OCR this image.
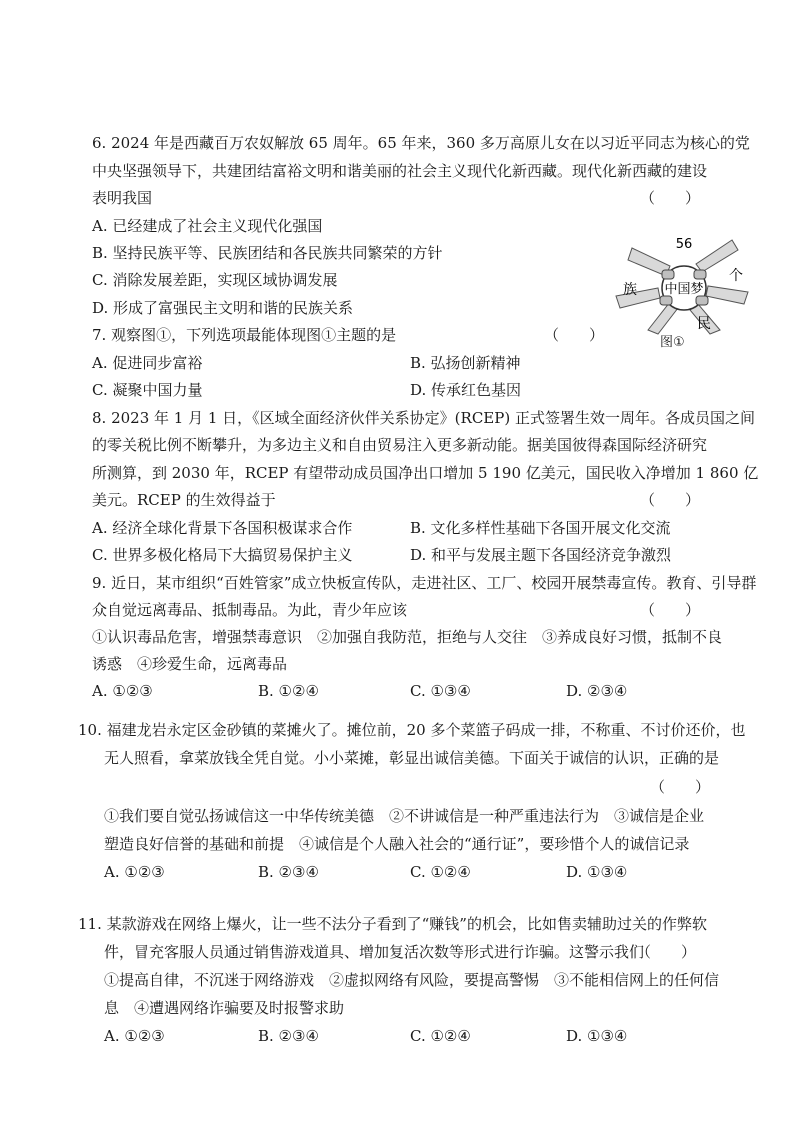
6. 2024 年是西藏百万农奴解放 65 周年。65 年来，360 多万高原儿女在以习近平同志为核心的党
中央坚强领导下，共建团结富裕文明和谐美丽的社会主义现代化新西藏。现代化新西藏的建设
表明我国	（　　）
A. 已经建成了社会主义现代化强国
B. 坚持民族平等、民族团结和各民族共同繁荣的方针
C. 消除发展差距，实现区域协调发展
D. 形成了富强民主文明和谐的民族关系
7. 观察图①，下列选项最能体现图①主题的是	（　　）
A. 促进同步富裕	B. 弘扬创新精神
C. 凝聚中国力量	D. 传承红色基因
56
族 中国梦
个
民
图①
8. 2023 年 1 月 1 日，《区域全面经济伙伴关系协定》(RCEP) 正式签署生效一周年。各成员国之间
的零关税比例不断攀升，为多边主义和自由贸易注入更多新动能。据美国彼得森国际经济研究
所测算，到 2030 年，RCEP 有望带动成员国净出口增加 5 190 亿美元，国民收入净增加 1 860 亿
美元。RCEP 的生效得益于	（　　）
A. 经济全球化背景下各国积极谋求合作	B. 文化多样性基础下各国开展文化交流
C. 世界多极化格局下大搞贸易保护主义	D. 和平与发展主题下各国经济竞争激烈
9. 近日，某市组织“百姓管家”成立快板宣传队，走进社区、工厂、校园开展禁毒宣传。教育、引导群
众自觉远离毒品、抵制毒品。为此，青少年应该	（　　）
①认识毒品危害，增强禁毒意识　②加强自我防范，拒绝与人交往　③养成良好习惯，抵制不良
诱惑　④珍爱生命，远离毒品
A. ①②③	B. ①②④	C. ①③④	D. ②③④
10. 福建龙岩永定区金砂镇的菜摊火了。摊位前，20 多个菜篮子码成一排，不称重、不讨价还价，也
无人照看，拿菜放钱全凭自觉。小小菜摊，彰显出诚信美德。下面关于诚信的认识，正确的是
（　　）
①我们要自觉弘扬诚信这一中华传统美德　②不讲诚信是一种严重违法行为　③诚信是企业
塑造良好信誉的基础和前提　④诚信是个人融入社会的“通行证”，要珍惜个人的诚信记录
A. ①②③	B. ②③④	C. ①②④	D. ①③④
11. 某款游戏在网络上爆火，让一些不法分子看到了“赚钱”的机会，比如售卖辅助过关的作弊软
件，冒充客服人员通过销售游戏道具、增加复活次数等形式进行诈骗。这警示我们
（　　）
①提高自律，不沉迷于网络游戏　②虚拟网络有风险，要提高警惕　③不能相信网上的任何信
息　④遭遇网络诈骗要及时报警求助
A. ①②③	B. ②③④	C. ①②④	D. ①③④
